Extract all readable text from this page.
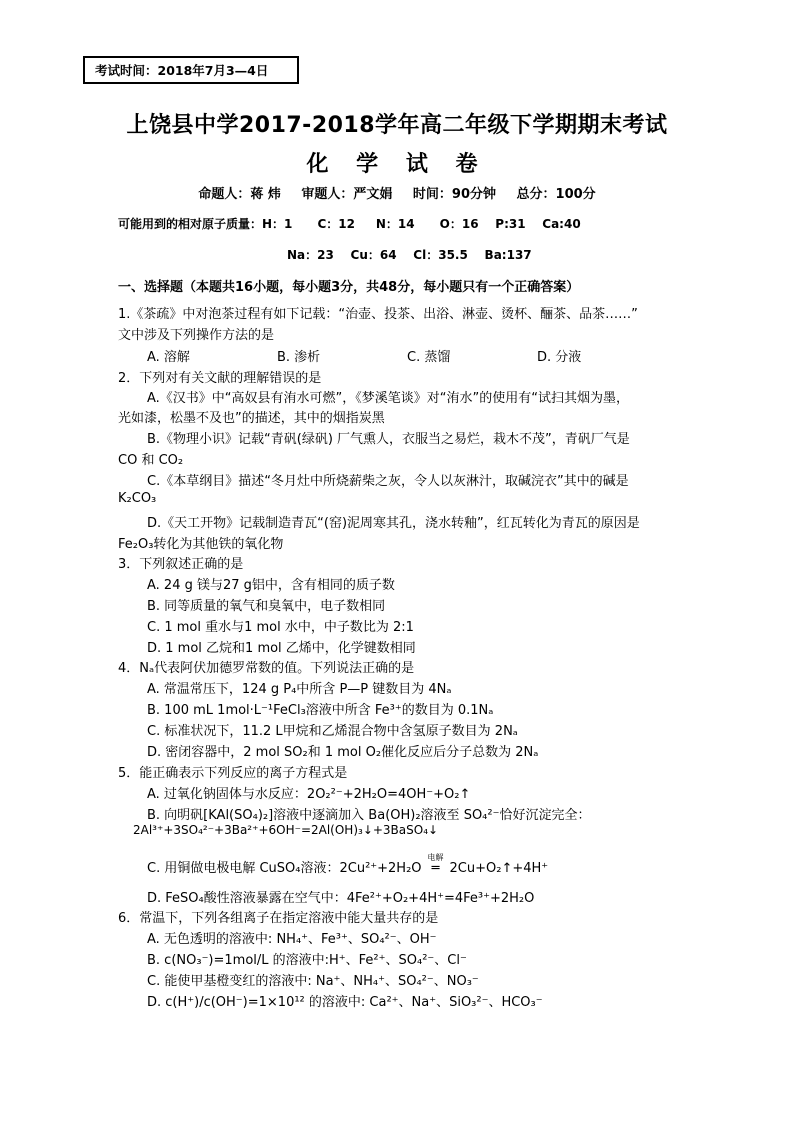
考试时间：2018年7月3—4日
上饶县中学2017-2018学年高二年级下学期期末考试
化 学 试 卷
命题人：蒋 炜 审题人：严文娟 时间：90分钟 总分：100分
可能用到的相对原子质量：H：1      C：12     N：14      O：16    P:31    Ca:40
Na：23    Cu：64    Cl：35.5    Ba:137
一、选择题（本题共16小题，每小题3分，共48分，每小题只有一个正确答案）
1.《茶疏》中对泡茶过程有如下记载：“治壶、投茶、出浴、淋壶、烫杯、酾茶、品茶……”
文中涉及下列操作方法的是
A. 溶解	B. 渗析	C. 蒸馏	D. 分液
2．下列对有关文献的理解错误的是
A.《汉书》中“高奴县有洧水可燃”，《梦溪笔谈》对“洧水”的使用有“试扫其烟为墨，
光如漆，松墨不及也”的描述，其中的烟指炭黑
B.《物理小识》记载“青矾(绿矾) 厂气熏人，衣服当之易烂，栽木不茂”，青矾厂气是
CO 和 CO₂
C.《本草纲目》描述“冬月灶中所烧薪柴之灰，令人以灰淋汁，取碱浣衣”其中的碱是
K₂CO₃
D.《天工开物》记载制造青瓦“(窑)泥周寒其孔，浇水转釉”，红瓦转化为青瓦的原因是
Fe₂O₃转化为其他铁的氧化物
3．下列叙述正确的是
A. 24 g 镁与27 g铝中，含有相同的质子数
B. 同等质量的氧气和臭氧中，电子数相同
C. 1 mol 重水与1 mol 水中，中子数比为 2:1
D. 1 mol 乙烷和1 mol 乙烯中，化学键数相同
4．Nₐ代表阿伏加德罗常数的值。下列说法正确的是
A. 常温常压下，124 g P₄中所含 P—P 键数目为 4Nₐ
B. 100 mL 1mol·L⁻¹FeCl₃溶液中所含 Fe³⁺的数目为 0.1Nₐ
C. 标准状况下，11.2 L甲烷和乙烯混合物中含氢原子数目为 2Nₐ
D. 密闭容器中，2 mol SO₂和 1 mol O₂催化反应后分子总数为 2Nₐ
5．能正确表示下列反应的离子方程式是
A. 过氧化钠固体与水反应：2O₂²⁻+2H₂O=4OH⁻+O₂↑
B. 向明矾[KAl(SO₄)₂]溶液中逐滴加入 Ba(OH)₂溶液至 SO₄²⁻恰好沉淀完全：
2Al³⁺+3SO₄²⁻+3Ba²⁺+6OH⁻=2Al(OH)₃↓+3BaSO₄↓
C. 用铜做电极电解 CuSO₄溶液：2Cu²⁺+2H₂O
电解
═ 2Cu+O₂↑+4H⁺
D. FeSO₄酸性溶液暴露在空气中：4Fe²⁺+O₂+4H⁺=4Fe³⁺+2H₂O
6．常温下，下列各组离子在指定溶液中能大量共存的是
A. 无色透明的溶液中: NH₄⁺、Fe³⁺、SO₄²⁻、OH⁻
B. c(NO₃⁻)=1mol/L 的溶液中:H⁺、Fe²⁺、SO₄²⁻、Cl⁻
C. 能使甲基橙变红的溶液中: Na⁺、NH₄⁺、SO₄²⁻、NO₃⁻
D. c(H⁺)/c(OH⁻)=1×10¹² 的溶液中: Ca²⁺、Na⁺、SiO₃²⁻、HCO₃⁻
